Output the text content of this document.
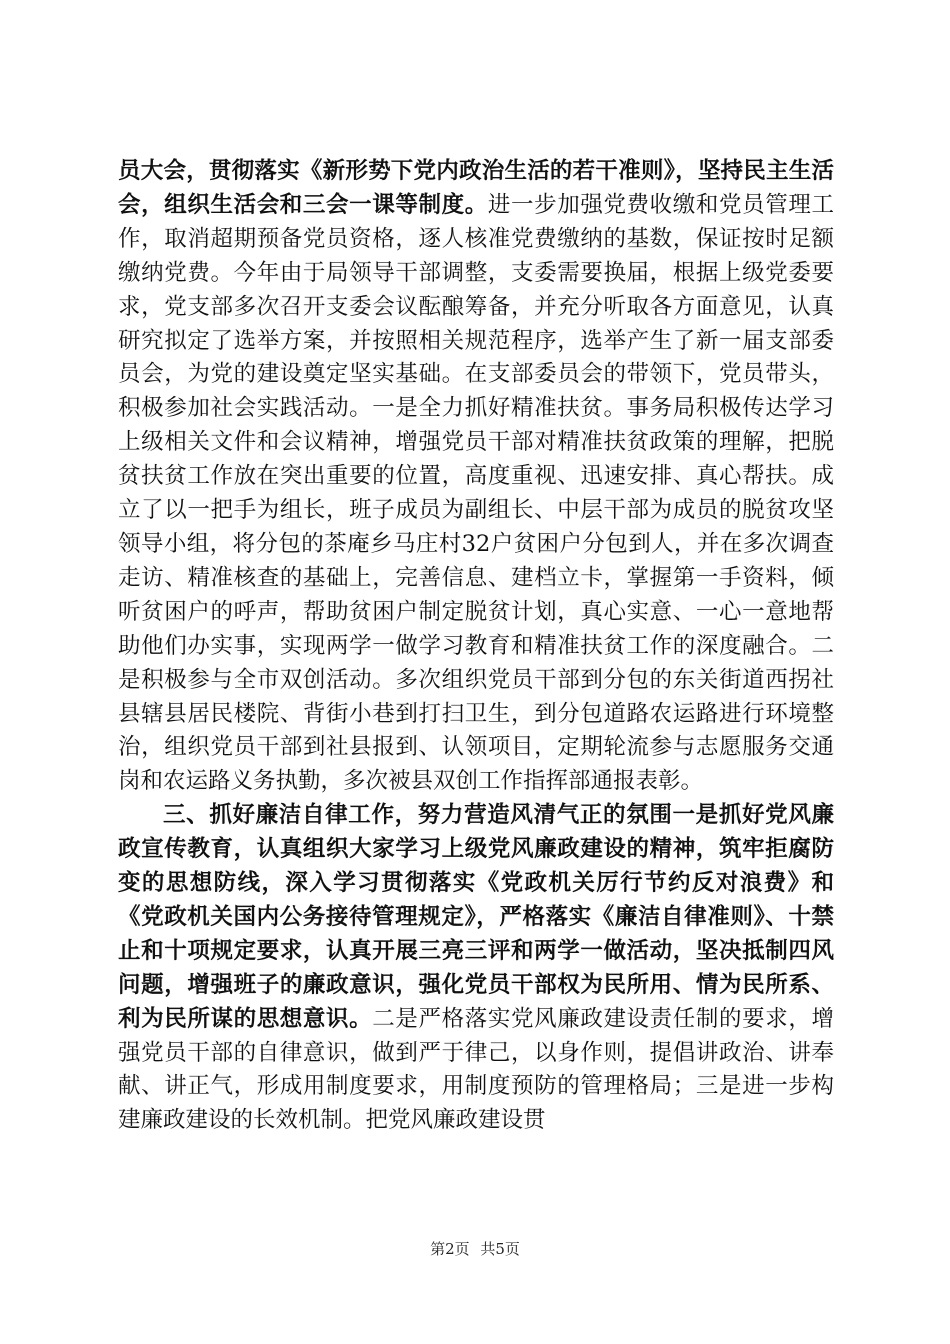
员大会，贯彻落实《新形势下党内政治生活的若干准则》，坚持民主生活会，组织生活会和三会一课等制度。进一步加强党费收缴和党员管理工作，取消超期预备党员资格，逐人核准党费缴纳的基数，保证按时足额缴纳党费。今年由于局领导干部调整，支委需要换届，根据上级党委要求，党支部多次召开支委会议酝酿筹备，并充分听取各方面意见，认真研究拟定了选举方案，并按照相关规范程序，选举产生了新一届支部委员会，为党的建设奠定坚实基础。在支部委员会的带领下，党员带头，积极参加社会实践活动。一是全力抓好精准扶贫。事务局积极传达学习上级相关文件和会议精神，增强党员干部对精准扶贫政策的理解，把脱贫扶贫工作放在突出重要的位置，高度重视、迅速安排、真心帮扶。成立了以一把手为组长，班子成员为副组长、中层干部为成员的脱贫攻坚领导小组，将分包的茶庵乡马庄村32户贫困户分包到人，并在多次调查走访、精准核查的基础上，完善信息、建档立卡，掌握第一手资料，倾听贫困户的呼声，帮助贫困户制定脱贫计划，真心实意、一心一意地帮助他们办实事，实现两学一做学习教育和精准扶贫工作的深度融合。二是积极参与全市双创活动。多次组织党员干部到分包的东关街道西拐社县辖县居民楼院、背街小巷到打扫卫生，到分包道路农运路进行环境整治，组织党员干部到社县报到、认领项目，定期轮流参与志愿服务交通岗和农运路义务执勤，多次被县双创工作指挥部通报表彰。

三、抓好廉洁自律工作，努力营造风清气正的氛围一是抓好党风廉政宣传教育，认真组织大家学习上级党风廉政建设的精神，筑牢拒腐防变的思想防线，深入学习贯彻落实《党政机关厉行节约反对浪费》和《党政机关国内公务接待管理规定》，严格落实《廉洁自律准则》、十禁止和十项规定要求，认真开展三亮三评和两学一做活动，坚决抵制四风问题，增强班子的廉政意识，强化党员干部权为民所用、情为民所系、利为民所谋的思想意识。二是严格落实党风廉政建设责任制的要求，增强党员干部的自律意识，做到严于律己，以身作则，提倡讲政治、讲奉献、讲正气，形成用制度要求，用制度预防的管理格局；三是进一步构建廉政建设的长效机制。把党风廉政建设贯

第2页 共5页
